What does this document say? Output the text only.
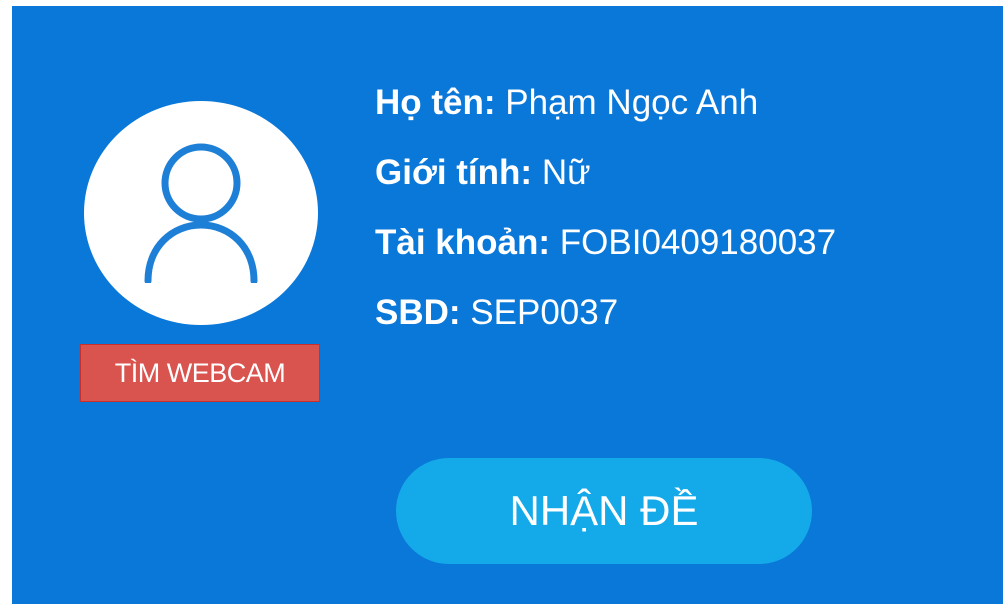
TÌM WEBCAM
Họ tên: Phạm Ngọc Anh
Giới tính: Nữ
Tài khoản: FOBI0409180037
SBD: SEP0037
NHẬN ĐỀ
